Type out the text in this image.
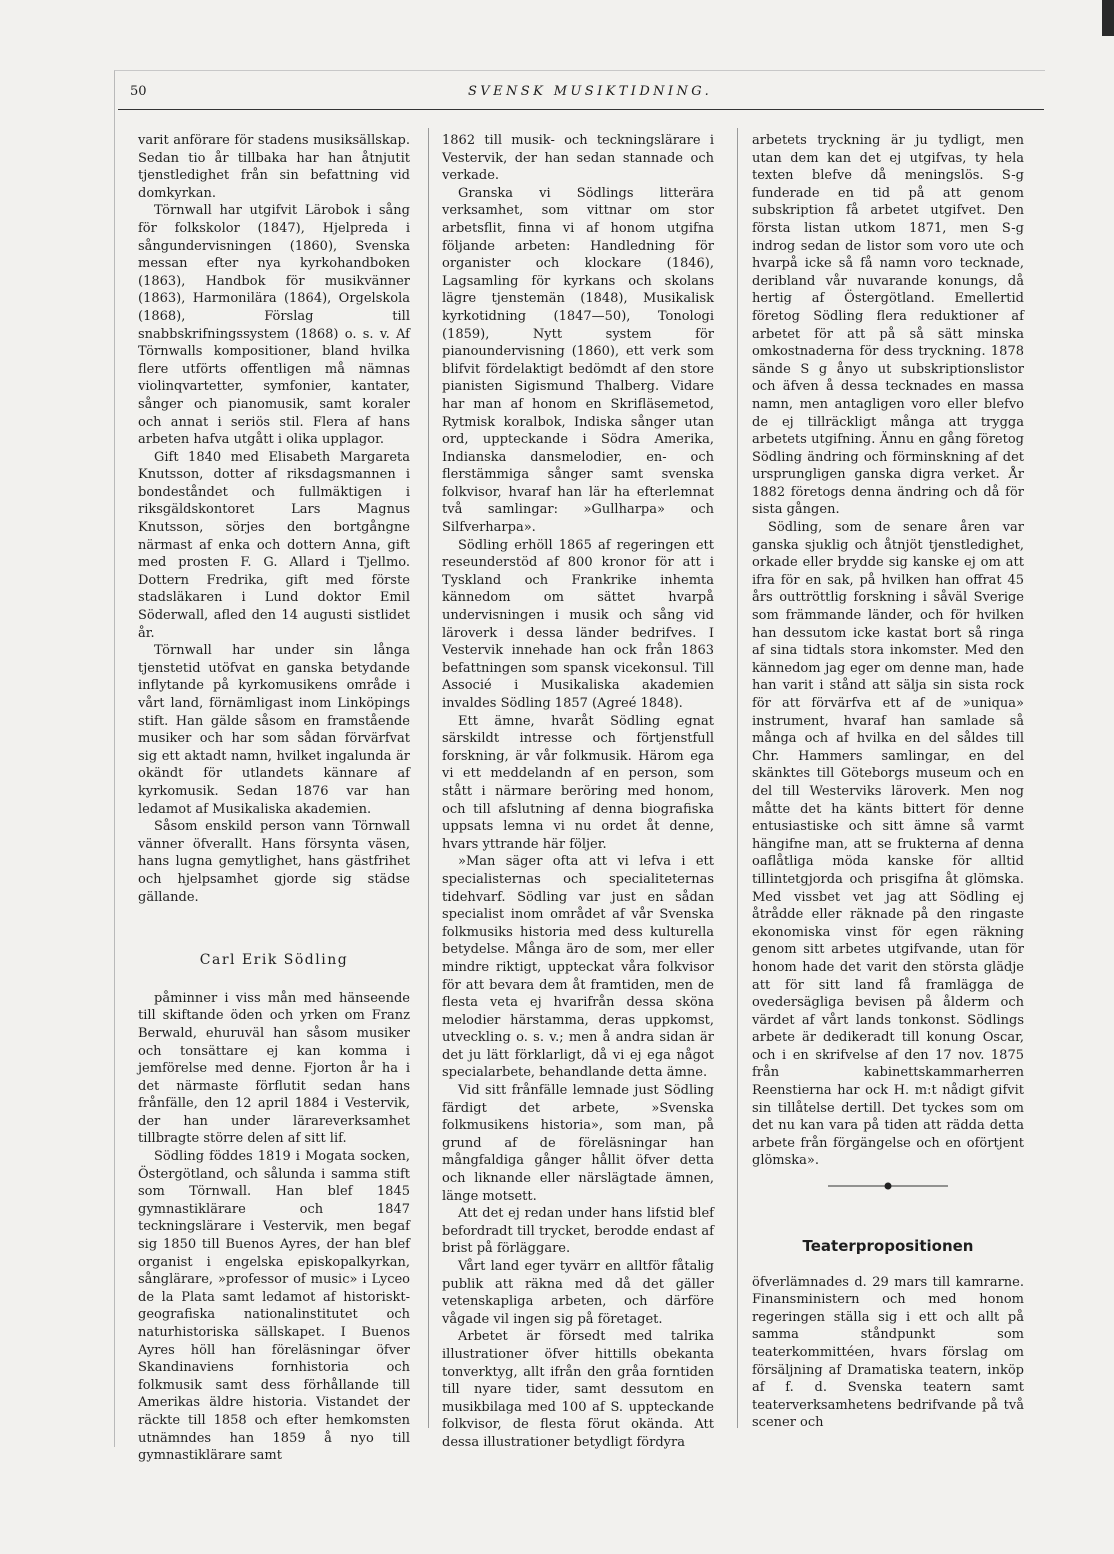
50	SVENSK MUSIKTIDNING.

varit anförare för stadens musiksällskap. Sedan tio år tillbaka har han åtnjutit tjenstledighet från sin befattning vid domkyrkan.

Törnwall har utgifvit Lärobok i sång för folkskolor (1847), Hjelpreda i sångundervisningen (1860), Svenska messan efter nya kyrkohandboken (1863), Handbok för musikvänner (1863), Harmonilära (1864), Orgelskola (1868), Förslag till snabbskrifningssystem (1868) o. s. v. Af Törnwalls kompositioner, bland hvilka flere utförts offentligen må nämnas violinqvartetter, symfonier, kantater, sånger och pianomusik, samt koraler och annat i seriös stil. Flera af hans arbeten hafva utgått i olika upplagor.

Gift 1840 med Elisabeth Margareta Knutsson, dotter af riksdagsmannen i bondeståndet och fullmäktigen i riksgäldskontoret Lars Magnus Knutsson, sörjes den bortgångne närmast af enka och dottern Anna, gift med prosten F. G. Allard i Tjellmo. Dottern Fredrika, gift med förste stadsläkaren i Lund doktor Emil Söderwall, afled den 14 augusti sistlidet år.

Törnwall har under sin långa tjenstetid utöfvat en ganska betydande inflytande på kyrkomusikens område i vårt land, förnämligast inom Linköpings stift. Han gälde såsom en framstående musiker och har som sådan förvärfvat sig ett aktadt namn, hvilket ingalunda är okändt för utlandets kännare af kyrkomusik. Sedan 1876 var han ledamot af Musikaliska akademien.

Såsom enskild person vann Törnwall vänner öfverallt. Hans försynta väsen, hans lugna gemytlighet, hans gästfrihet och hjelpsamhet gjorde sig städse gällande.

Carl Erik Södling

påminner i viss mån med hänseende till skiftande öden och yrken om Franz Berwald, ehuruväl han såsom musiker och tonsättare ej kan komma i jemförelse med denne. Fjorton år ha i det närmaste förflutit sedan hans frånfälle, den 12 april 1884 i Vestervik, der han under lärareverksamhet tillbragte större delen af sitt lif.

Södling föddes 1819 i Mogata socken, Östergötland, och sålunda i samma stift som Törnwall. Han blef 1845 gymnastiklärare och 1847 teckningslärare i Vestervik, men begaf sig 1850 till Buenos Ayres, der han blef organist i engelska episkopalkyrkan, sånglärare, »professor of music» i Lyceo de la Plata samt ledamot af historiskt-geografiska nationalinstitutet och naturhistoriska sällskapet. I Buenos Ayres höll han föreläsningar öfver Skandinaviens fornhistoria och folkmusik samt dess förhållande till Amerikas äldre historia. Vistandet der räckte till 1858 och efter hemkomsten utnämndes han 1859 å nyo till gymnastiklärare samt

1862 till musik- och teckningslärare i Vestervik, der han sedan stannade och verkade.

Granska vi Södlings litterära verksamhet, som vittnar om stor arbetsflit, finna vi af honom utgifna följande arbeten: Handledning för organister och klockare (1846), Lagsamling för kyrkans och skolans lägre tjenstemän (1848), Musikalisk kyrkotidning (1847—50), Tonologi (1859), Nytt system för pianoundervisning (1860), ett verk som blifvit fördelaktigt bedömdt af den store pianisten Sigismund Thalberg. Vidare har man af honom en Skrifläsemetod, Rytmisk koralbok, Indiska sånger utan ord, uppteckande i Södra Amerika, Indianska dansmelodier, en- och flerstämmiga sånger samt svenska folkvisor, hvaraf han lär ha efterlemnat två samlingar: »Gullharpa» och Silfverharpa».

Södling erhöll 1865 af regeringen ett reseunderstöd af 800 kronor för att i Tyskland och Frankrike inhemta kännedom om sättet hvarpå undervisningen i musik och sång vid läroverk i dessa länder bedrifves. I Vestervik innehade han ock från 1863 befattningen som spansk vicekonsul. Till Associé i Musikaliska akademien invaldes Södling 1857 (Agreé 1848).

Ett ämne, hvaråt Södling egnat särskildt intresse och förtjenstfull forskning, är vår folkmusik. Härom ega vi ett meddelandn af en person, som stått i närmare beröring med honom, och till afslutning af denna biografiska uppsats lemna vi nu ordet åt denne, hvars yttrande här följer.

»Man säger ofta att vi lefva i ett specialisternas och specialiteternas tidehvarf. Södling var just en sådan specialist inom området af vår Svenska folkmusiks historia med dess kulturella betydelse. Många äro de som, mer eller mindre riktigt, uppteckat våra folkvisor för att bevara dem åt framtiden, men de flesta veta ej hvarifrån dessa sköna melodier härstamma, deras uppkomst, utveckling o. s. v.; men å andra sidan är det ju lätt förklarligt, då vi ej ega något specialarbete, behandlande detta ämne.

Vid sitt frånfälle lemnade just Södling färdigt det arbete, »Svenska folkmusikens historia», som man, på grund af de föreläsningar han mångfaldiga gånger hållit öfver detta och liknande eller närslägtade ämnen, länge motsett.

Att det ej redan under hans lifstid blef befordradt till trycket, berodde endast af brist på förläggare.

Vårt land eger tyvärr en alltför fåtalig publik att räkna med då det gäller vetenskapliga arbeten, och därföre vågade vil ingen sig på företaget.

Arbetet är försedt med talrika illustrationer öfver hittills obekanta tonverktyg, allt ifrån den gråa forntiden till nyare tider, samt dessutom en musikbilaga med 100 af S. uppteckande folkvisor, de flesta förut okända. Att dessa illustrationer betydligt fördyra

arbetets tryckning är ju tydligt, men utan dem kan det ej utgifvas, ty hela texten blefve då meningslös. S-g funderade en tid på att genom subskription få arbetet utgifvet. Den första listan utkom 1871, men S-g indrog sedan de listor som voro ute och hvarpå icke så få namn voro tecknade, deribland vår nuvarande konungs, då hertig af Östergötland. Emellertid företog Södling flera reduktioner af arbetet för att på så sätt minska omkostnaderna för dess tryckning. 1878 sände S g ånyo ut subskriptionslistor och äfven å dessa tecknades en massa namn, men antagligen voro eller blefvo de ej tillräckligt många att trygga arbetets utgifning. Ännu en gång företog Södling ändring och förminskning af det ursprungligen ganska digra verket. År 1882 företogs denna ändring och då för sista gången.

Södling, som de senare åren var ganska sjuklig och åtnjöt tjenstledighet, orkade eller brydde sig kanske ej om att ifra för en sak, på hvilken han offrat 45 års outtröttlig forskning i såväl Sverige som främmande länder, och för hvilken han dessutom icke kastat bort så ringa af sina tidtals stora inkomster. Med den kännedom jag eger om denne man, hade han varit i stånd att sälja sin sista rock för att förvärfva ett af de »uniqua» instrument, hvaraf han samlade så många och af hvilka en del såldes till Chr. Hammers samlingar, en del skänktes till Göteborgs museum och en del till Westerviks läroverk. Men nog måtte det ha känts bittert för denne entusiastiske och sitt ämne så varmt hängifne man, att se frukterna af denna oaflåtliga möda kanske för alltid tillintetgjorda och prisgifna åt glömska. Med vissbet vet jag att Södling ej åtrådde eller räknade på den ringaste ekonomiska vinst för egen räkning genom sitt arbetes utgifvande, utan för honom hade det varit den största glädje att för sitt land få framlägga de ovedersägliga bevisen på ålderm och värdet af vårt lands tonkonst. Södlings arbete är dedikeradt till konung Oscar, och i en skrifvelse af den 17 nov. 1875 från kabinettskammarherren Reenstierna har ock H. m:t nådigt gifvit sin tillåtelse dertill. Det tyckes som om det nu kan vara på tiden att rädda detta arbete från förgängelse och en oförtjent glömska».

Teaterpropositionen

öfverlämnades d. 29 mars till kamrarne. Finansministern och med honom regeringen ställa sig i ett och allt på samma ståndpunkt som teaterkommittéen, hvars förslag om försäljning af Dramatiska teatern, inköp af f. d. Svenska teatern samt teaterverksamhetens bedrifvande på två scener och
